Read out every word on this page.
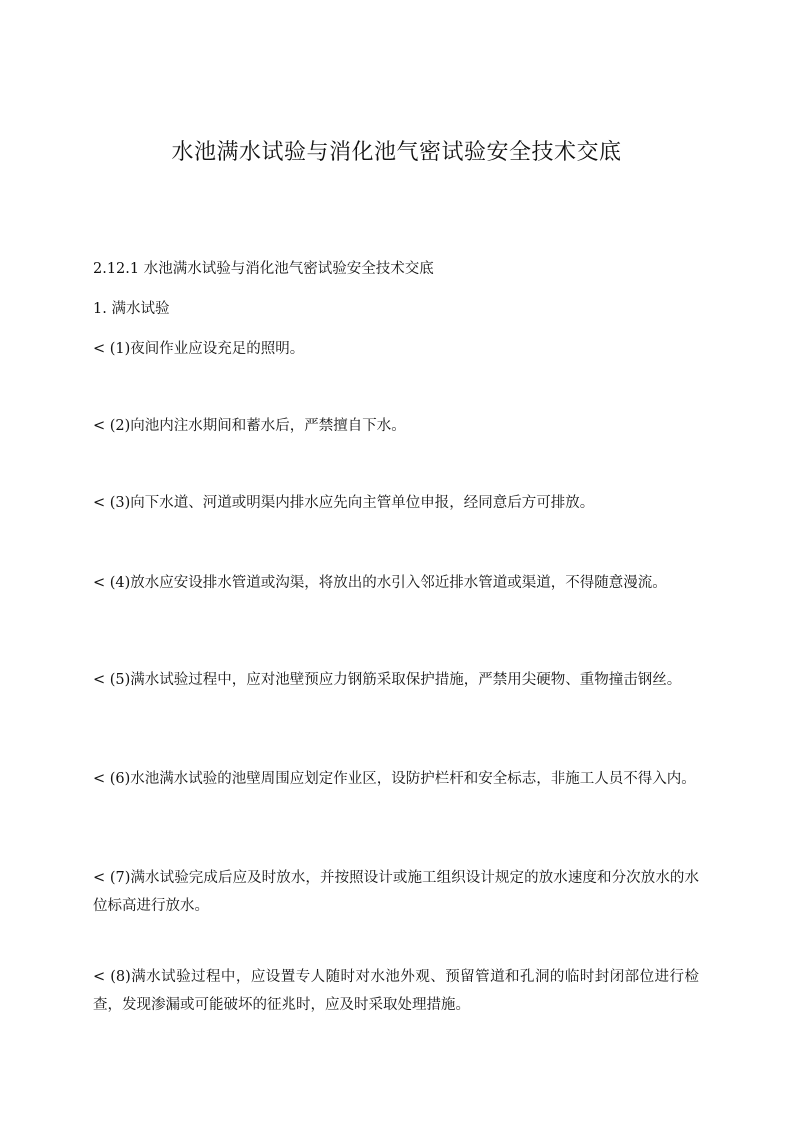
水池满水试验与消化池气密试验安全技术交底

2.12.1 水池满水试验与消化池气密试验安全技术交底

1. 满水试验

< (1)夜间作业应设充足的照明。

< (2)向池内注水期间和蓄水后，严禁擅自下水。

< (3)向下水道、河道或明渠内排水应先向主管单位申报，经同意后方可排放。

< (4)放水应安设排水管道或沟渠，将放出的水引入邻近排水管道或渠道，不得随意漫流。

< (5)满水试验过程中，应对池壁预应力钢筋采取保护措施，严禁用尖硬物、重物撞击钢丝。

< (6)水池满水试验的池壁周围应划定作业区，设防护栏杆和安全标志，非施工人员不得入内。

< (7)满水试验完成后应及时放水，并按照设计或施工组织设计规定的放水速度和分次放水的水位标高进行放水。

< (8)满水试验过程中，应设置专人随时对水池外观、预留管道和孔洞的临时封闭部位进行检查，发现渗漏或可能破坏的征兆时，应及时采取处理措施。
